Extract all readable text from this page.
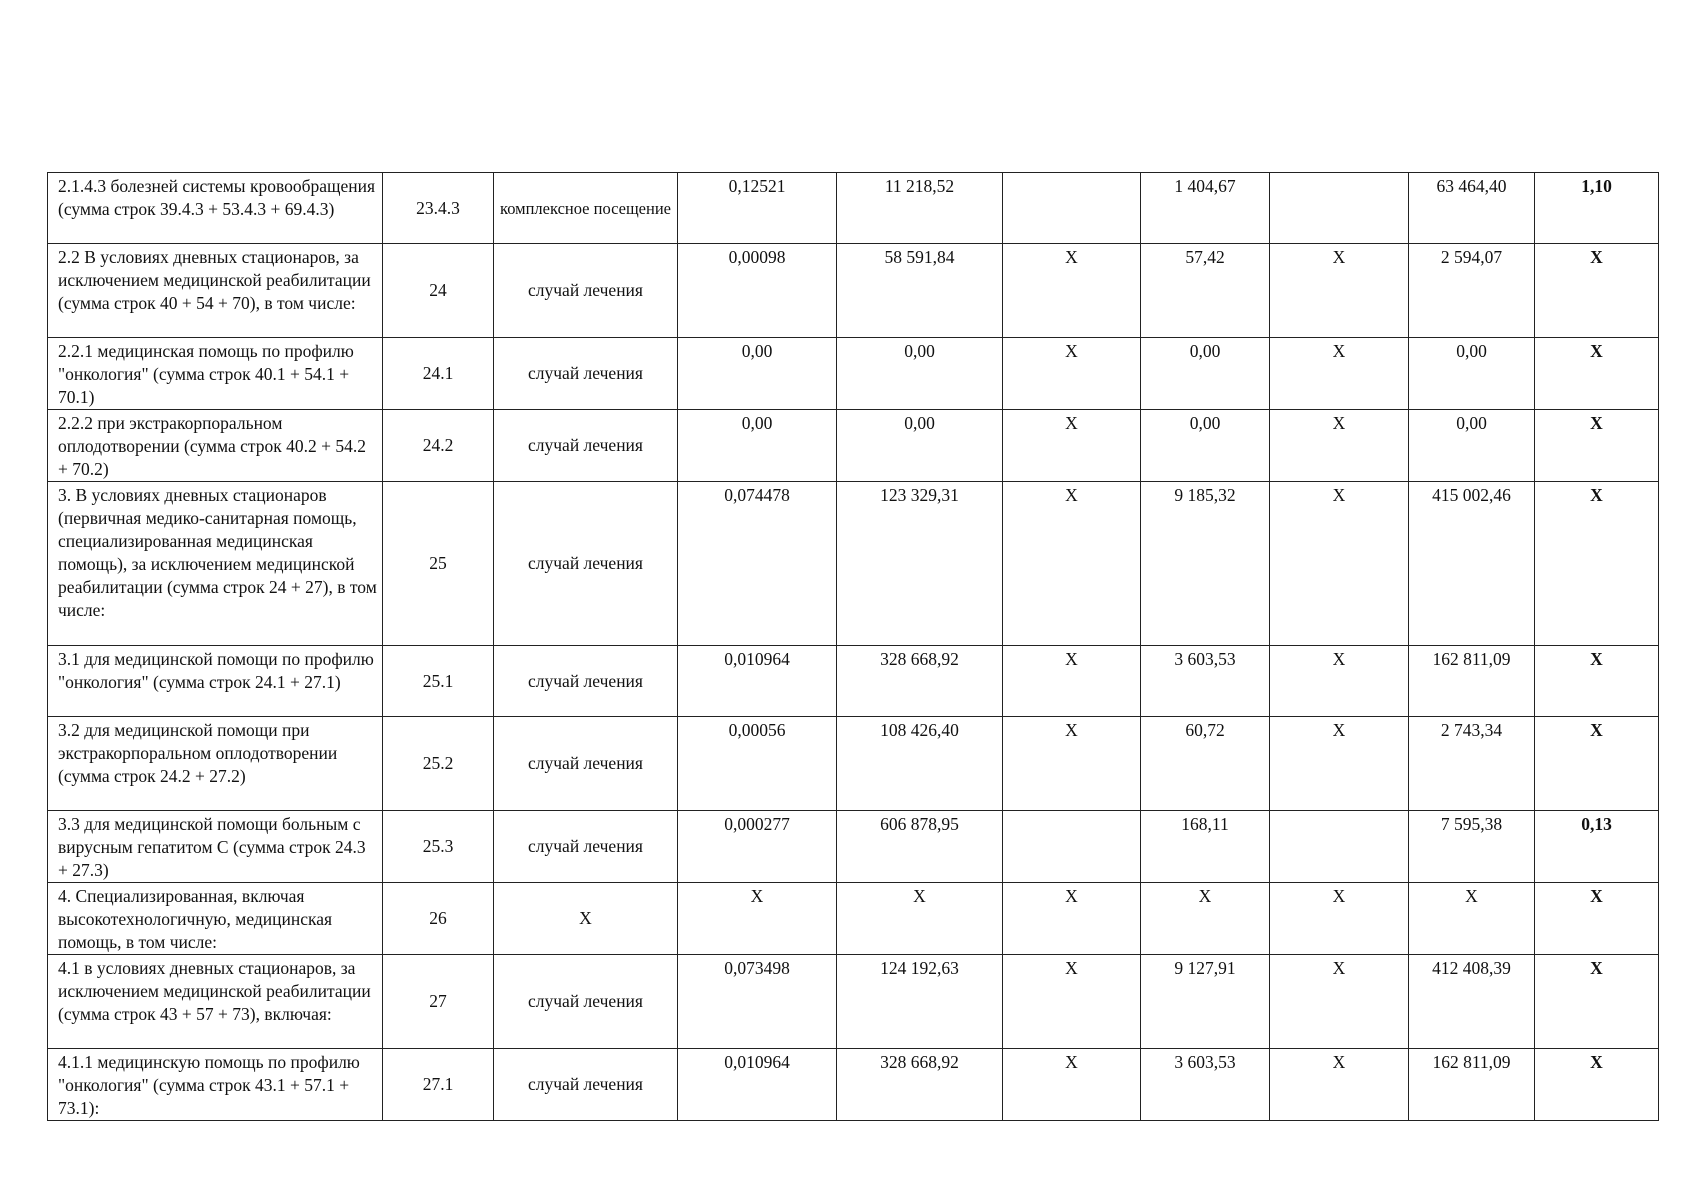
2.1.4.3 болезней системы кровообращения (сумма строк 39.4.3 + 53.4.3 + 69.4.3)	23.4.3	комплексное посещение	0,12521	11 218,52		1 404,67		63 464,40	1,10
2.2 В условиях дневных стационаров, за исключением медицинской реабилитации (сумма строк 40 + 54 + 70), в том числе:	24	случай лечения	0,00098	58 591,84	X	57,42	X	2 594,07	X
2.2.1 медицинская помощь по профилю "онкология" (сумма строк 40.1 + 54.1 + 70.1)	24.1	случай лечения	0,00	0,00	X	0,00	X	0,00	X
2.2.2 при экстракорпоральном оплодотворении (сумма строк 40.2 + 54.2 + 70.2)	24.2	случай лечения	0,00	0,00	X	0,00	X	0,00	X
3. В условиях дневных стационаров (первичная медико-санитарная помощь, специализированная медицинская помощь), за исключением медицинской реабилитации (сумма строк 24 + 27), в том числе:	25	случай лечения	0,074478	123 329,31	X	9 185,32	X	415 002,46	X
3.1 для медицинской помощи по профилю "онкология" (сумма строк 24.1 + 27.1)	25.1	случай лечения	0,010964	328 668,92	X	3 603,53	X	162 811,09	X
3.2 для медицинской помощи при экстракорпоральном оплодотворении (сумма строк 24.2 + 27.2)	25.2	случай лечения	0,00056	108 426,40	X	60,72	X	2 743,34	X
3.3 для медицинской помощи больным с вирусным гепатитом C (сумма строк 24.3 + 27.3)	25.3	случай лечения	0,000277	606 878,95		168,11		7 595,38	0,13
4. Специализированная, включая высокотехнологичную, медицинская помощь, в том числе:	26	X	X	X	X	X	X	X	X
4.1 в условиях дневных стационаров, за исключением медицинской реабилитации (сумма строк 43 + 57 + 73), включая:	27	случай лечения	0,073498	124 192,63	X	9 127,91	X	412 408,39	X
4.1.1 медицинскую помощь по профилю "онкология" (сумма строк 43.1 + 57.1 + 73.1):	27.1	случай лечения	0,010964	328 668,92	X	3 603,53	X	162 811,09	X
